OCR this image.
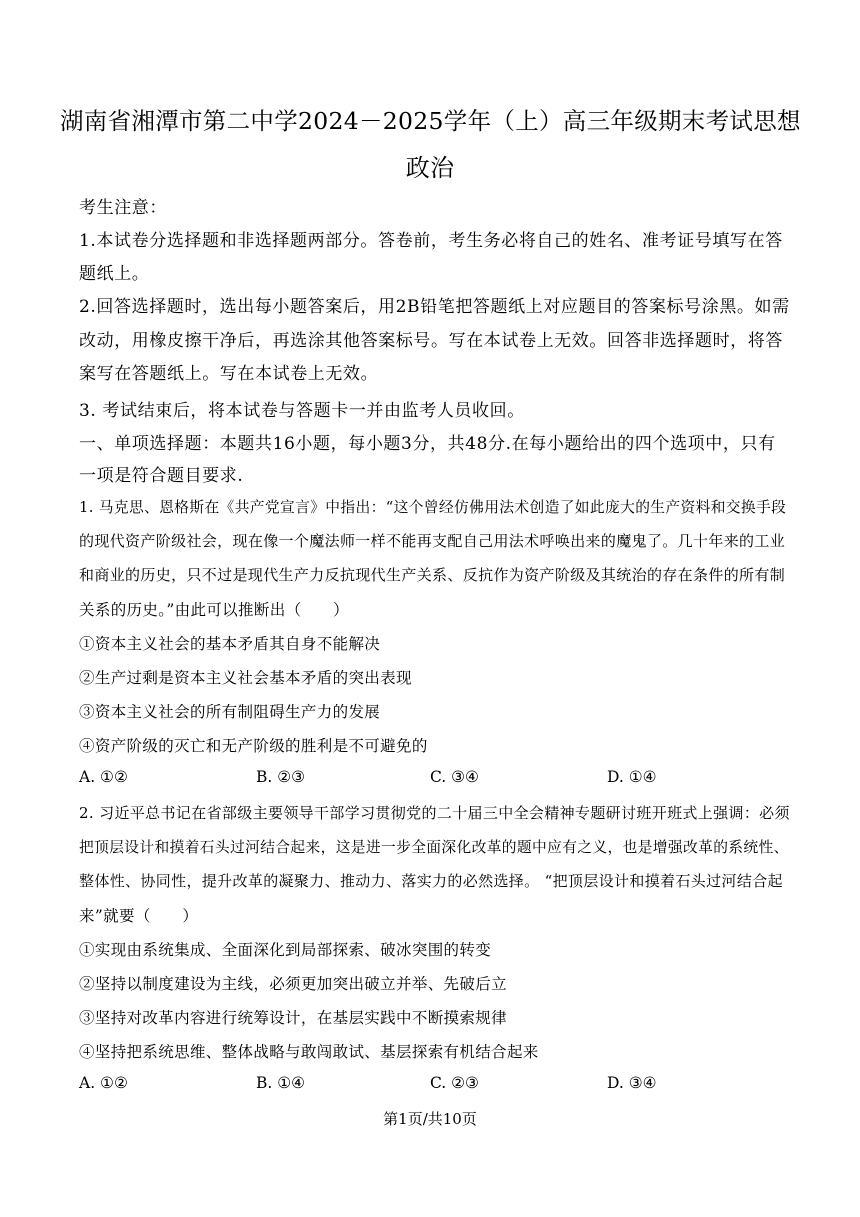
湖南省湘潭市第二中学2024－2025学年（上）高三年级期末考试思想
政治
考生注意：
1.本试卷分选择题和非选择题两部分。答卷前，考生务必将自己的姓名、准考证号填写在答
题纸上。
2.回答选择题时，选出每小题答案后，用2B铅笔把答题纸上对应题目的答案标号涂黑。如需
改动，用橡皮擦干净后，再选涂其他答案标号。写在本试卷上无效。回答非选择题时，将答
案写在答题纸上。写在本试卷上无效。
3. 考试结束后，将本试卷与答题卡一并由监考人员收回。
一、单项选择题：本题共16小题，每小题3分，共48分.在每小题给出的四个选项中，只有
一项是符合题目要求.
1. 马克思、恩格斯在《共产党宣言》中指出：“这个曾经仿佛用法术创造了如此庞大的生产资料和交换手段
的现代资产阶级社会，现在像一个魔法师一样不能再支配自己用法术呼唤出来的魔鬼了。几十年来的工业
和商业的历史，只不过是现代生产力反抗现代生产关系、反抗作为资产阶级及其统治的存在条件的所有制
关系的历史。”由此可以推断出（　　）
①资本主义社会的基本矛盾其自身不能解决
②生产过剩是资本主义社会基本矛盾的突出表现
③资本主义社会的所有制阻碍生产力的发展
④资产阶级的灭亡和无产阶级的胜利是不可避免的
A. ①②	B. ②③	C. ③④	D. ①④
2. 习近平总书记在省部级主要领导干部学习贯彻党的二十届三中全会精神专题研讨班开班式上强调：必须
把顶层设计和摸着石头过河结合起来，这是进一步全面深化改革的题中应有之义，也是增强改革的系统性、
整体性、协同性，提升改革的凝聚力、推动力、落实力的必然选择。 “把顶层设计和摸着石头过河结合起
来”就要（　　）
①实现由系统集成、全面深化到局部探索、破冰突围的转变
②坚持以制度建设为主线，必须更加突出破立并举、先破后立
③坚持对改革内容进行统筹设计，在基层实践中不断摸索规律
④坚持把系统思维、整体战略与敢闯敢试、基层探索有机结合起来
A. ①②	B. ①④	C. ②③	D. ③④
第1页/共10页
